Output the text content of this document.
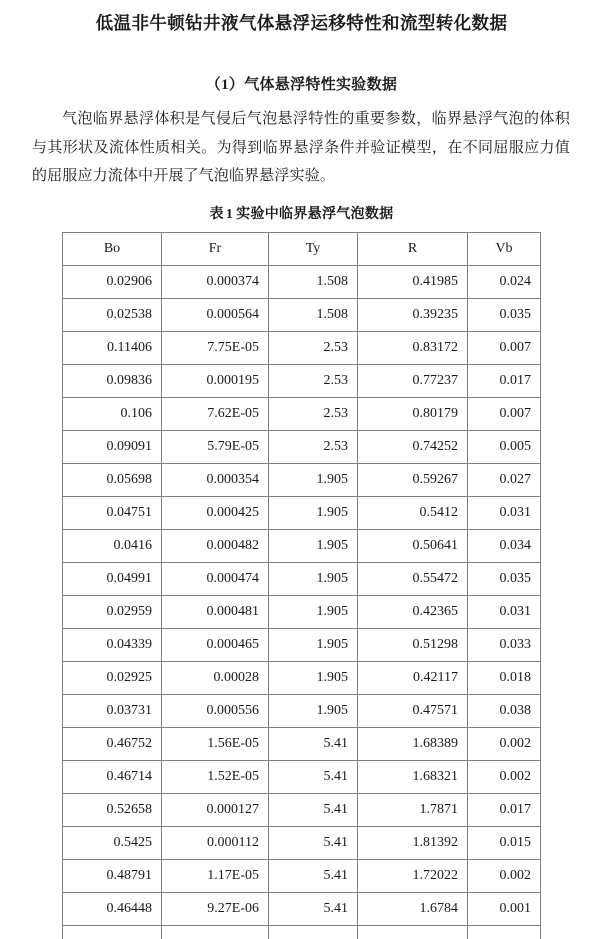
低温非牛顿钻井液气体悬浮运移特性和流型转化数据
（1）气体悬浮特性实验数据

气泡临界悬浮体积是气侵后气泡悬浮特性的重要参数，临界悬浮气泡的体积与其形状及流体性质相关。为得到临界悬浮条件并验证模型，在不同屈服应力值的屈服应力流体中开展了气泡临界悬浮实验。

表 1 实验中临界悬浮气泡数据

Bo	Fr	Ty	R	Vb
0.02906	0.000374	1.508	0.41985	0.024
0.02538	0.000564	1.508	0.39235	0.035
0.11406	7.75E-05	2.53	0.83172	0.007
0.09836	0.000195	2.53	0.77237	0.017
0.106	7.62E-05	2.53	0.80179	0.007
0.09091	5.79E-05	2.53	0.74252	0.005
0.05698	0.000354	1.905	0.59267	0.027
0.04751	0.000425	1.905	0.5412	0.031
0.0416	0.000482	1.905	0.50641	0.034
0.04991	0.000474	1.905	0.55472	0.035
0.02959	0.000481	1.905	0.42365	0.031
0.04339	0.000465	1.905	0.51298	0.033
0.02925	0.00028	1.905	0.42117	0.018
0.03731	0.000556	1.905	0.47571	0.038
0.46752	1.56E-05	5.41	1.68389	0.002
0.46714	1.52E-05	5.41	1.68321	0.002
0.52658	0.000127	5.41	1.7871	0.017
0.5425	0.000112	5.41	1.81392	0.015
0.48791	1.17E-05	5.41	1.72022	0.002
0.46448	9.27E-06	5.41	1.6784	0.001
